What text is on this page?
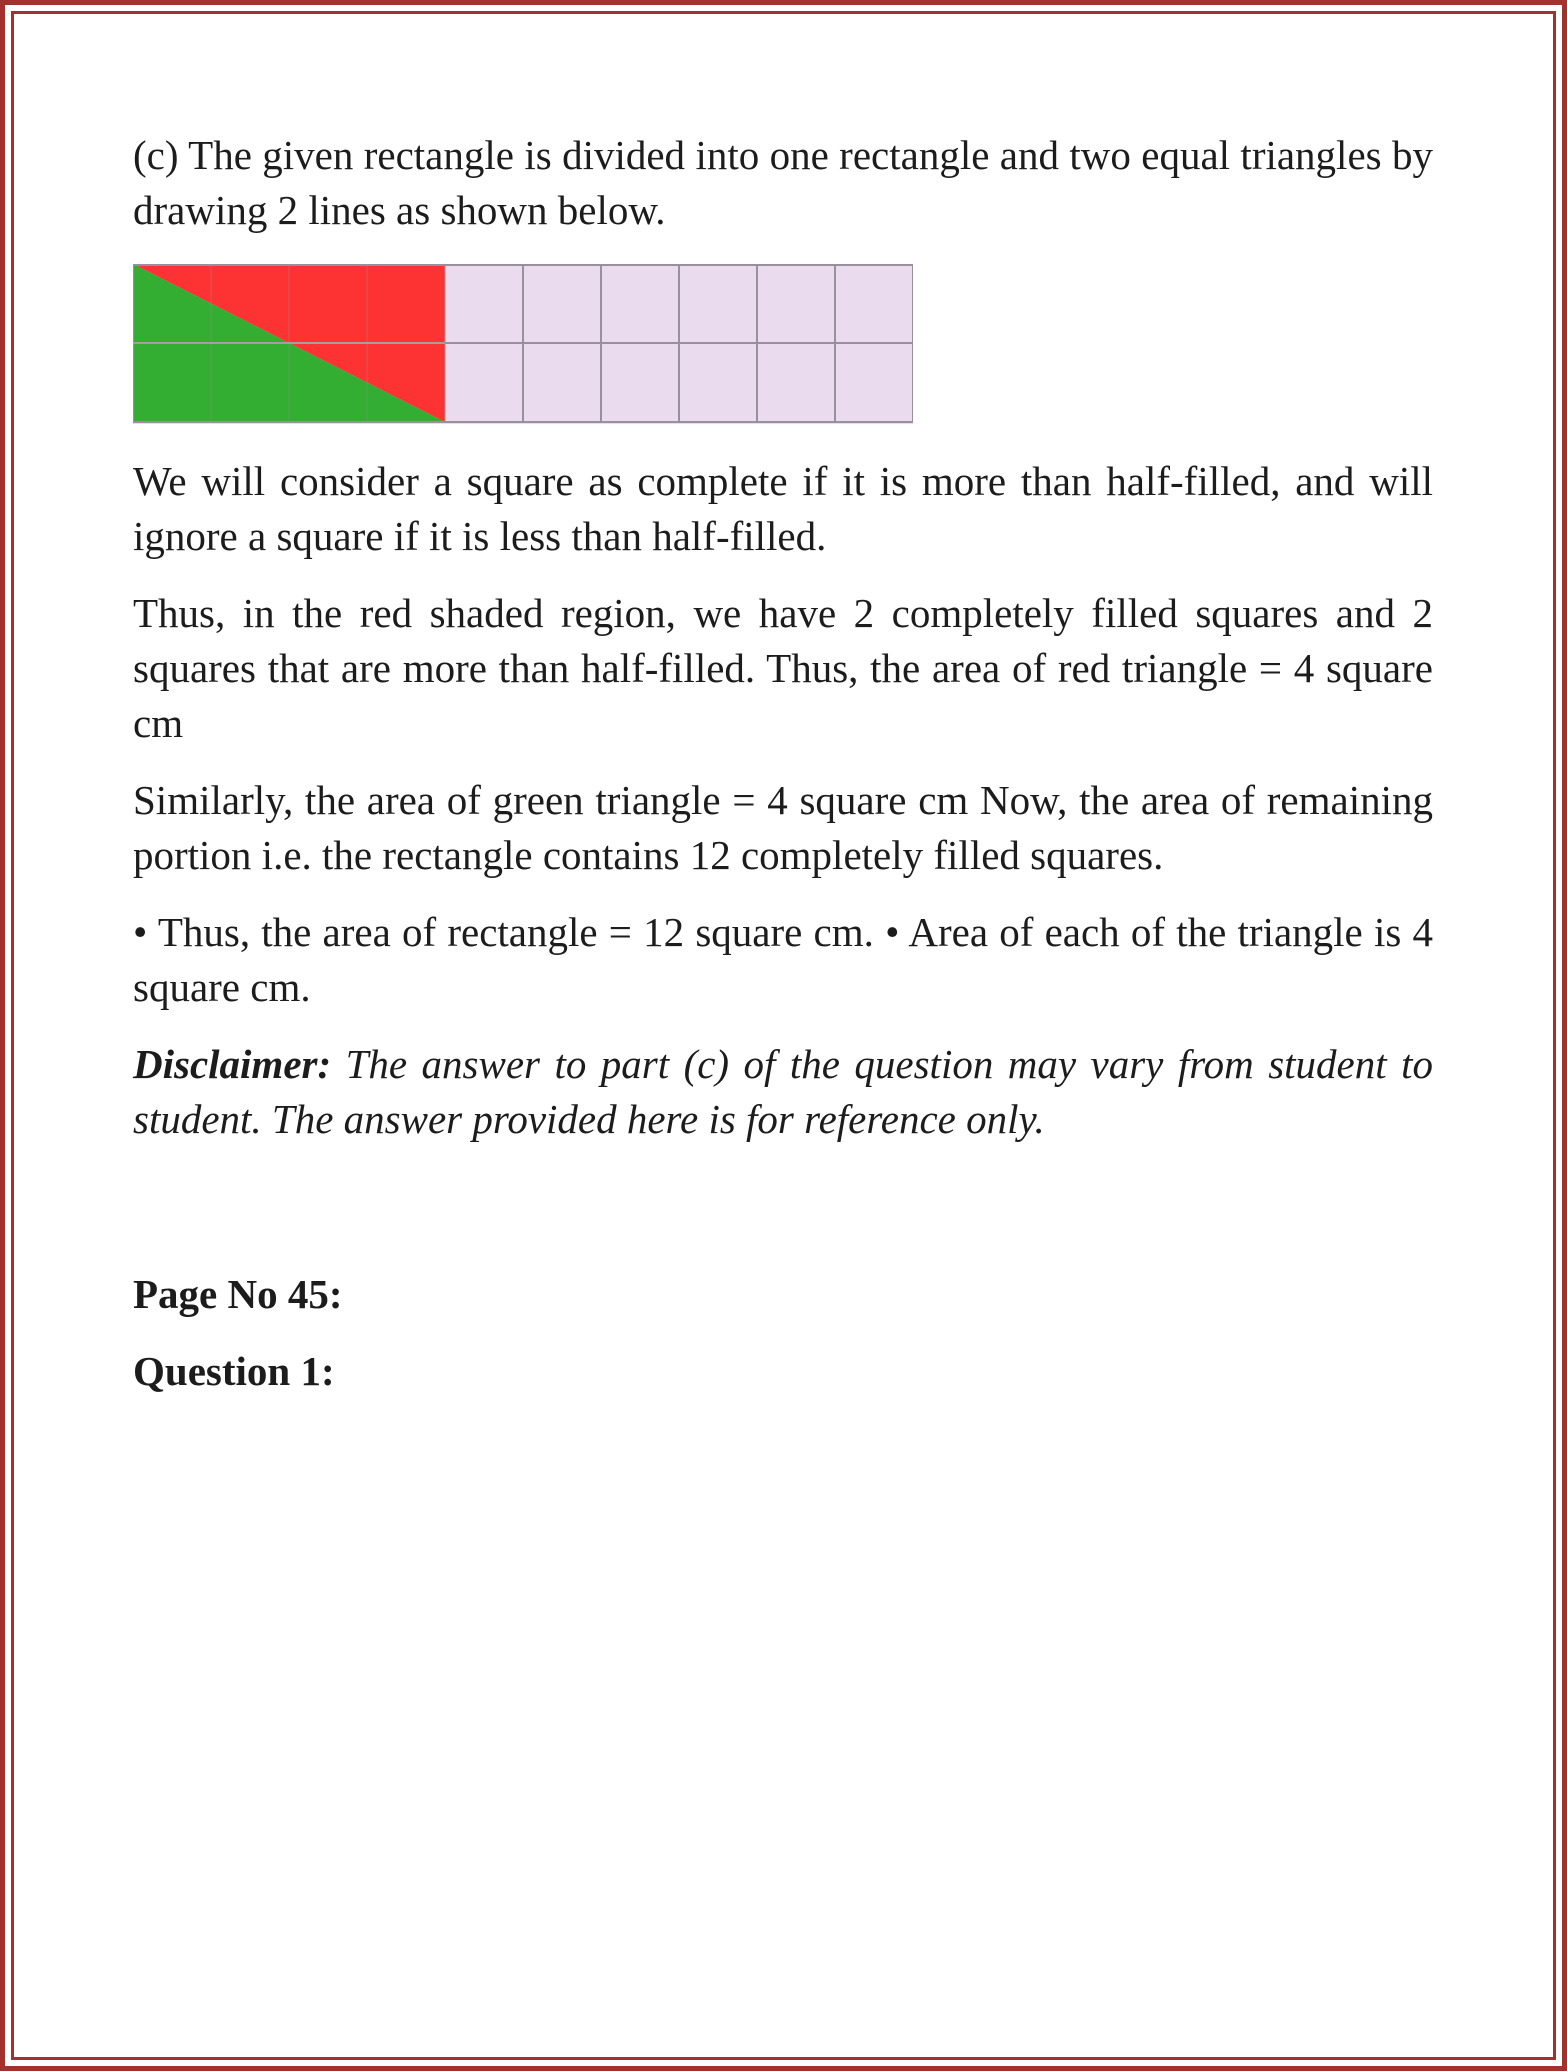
(c) The given rectangle is divided into one rectangle and two equal triangles by drawing 2 lines as shown below.

We will consider a square as complete if it is more than half-filled, and will ignore a square if it is less than half-filled.

Thus, in the red shaded region, we have 2 completely filled squares and 2 squares that are more than half-filled. Thus, the area of red triangle = 4 square cm

Similarly, the area of green triangle = 4 square cm Now, the area of remaining portion i.e. the rectangle contains 12 completely filled squares.

• Thus, the area of rectangle = 12 square cm. • Area of each of the triangle is 4 square cm.

Disclaimer: The answer to part (c) of the question may vary from student to student. The answer provided here is for reference only.

Page No 45:

Question 1:
